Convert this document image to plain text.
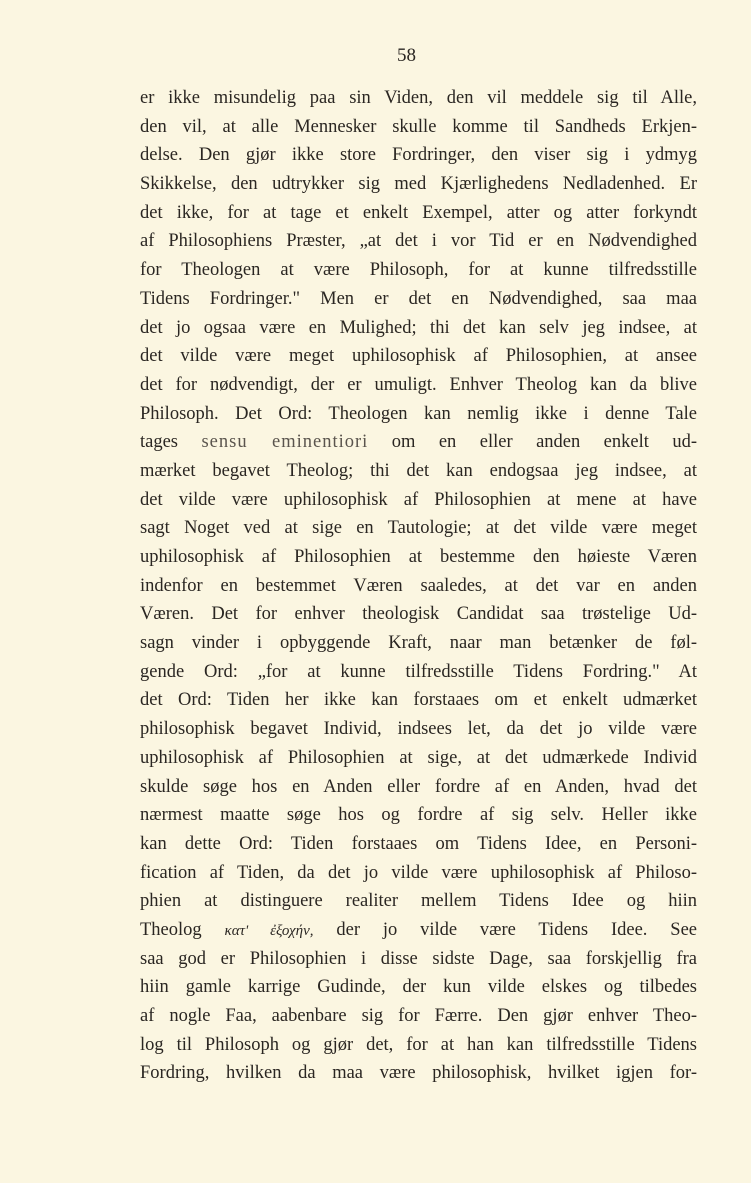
58
er ikke misundelig paa sin Viden, den vil meddele sig til Alle,
den vil, at alle Mennesker skulle komme til Sandheds Erkjen-
delse. Den gjør ikke store Fordringer, den viser sig i ydmyg
Skikkelse, den udtrykker sig med Kjærlighedens Nedladenhed. Er
det ikke, for at tage et enkelt Exempel, atter og atter forkyndt
af Philosophiens Præster, „at det i vor Tid er en Nødvendighed
for Theologen at være Philosoph, for at kunne tilfredsstille
Tidens Fordringer." Men er det en Nødvendighed, saa maa
det jo ogsaa være en Mulighed; thi det kan selv jeg indsee, at
det vilde være meget uphilosophisk af Philosophien, at ansee
det for nødvendigt, der er umuligt. Enhver Theolog kan da blive
Philosoph. Det Ord: Theologen kan nemlig ikke i denne Tale
tages sensu eminentiori om en eller anden enkelt ud-
mærket begavet Theolog; thi det kan endogsaa jeg indsee, at
det vilde være uphilosophisk af Philosophien at mene at have
sagt Noget ved at sige en Tautologie; at det vilde være meget
uphilosophisk af Philosophien at bestemme den høieste Væren
indenfor en bestemmet Væren saaledes, at det var en anden
Væren. Det for enhver theologisk Candidat saa trøstelige Ud-
sagn vinder i opbyggende Kraft, naar man betænker de føl-
gende Ord: „for at kunne tilfredsstille Tidens Fordring." At
det Ord: Tiden her ikke kan forstaaes om et enkelt udmærket
philosophisk begavet Individ, indsees let, da det jo vilde være
uphilosophisk af Philosophien at sige, at det udmærkede Individ
skulde søge hos en Anden eller fordre af en Anden, hvad det
nærmest maatte søge hos og fordre af sig selv. Heller ikke
kan dette Ord: Tiden forstaaes om Tidens Idee, en Personi-
fication af Tiden, da det jo vilde være uphilosophisk af Philoso-
phien at distinguere realiter mellem Tidens Idee og hiin
Theolog κατ' ἐξοχήν, der jo vilde være Tidens Idee. See
saa god er Philosophien i disse sidste Dage, saa forskjellig fra
hiin gamle karrige Gudinde, der kun vilde elskes og tilbedes
af nogle Faa, aabenbare sig for Færre. Den gjør enhver Theo-
log til Philosoph og gjør det, for at han kan tilfredsstille Tidens
Fordring, hvilken da maa være philosophisk, hvilket igjen for-
